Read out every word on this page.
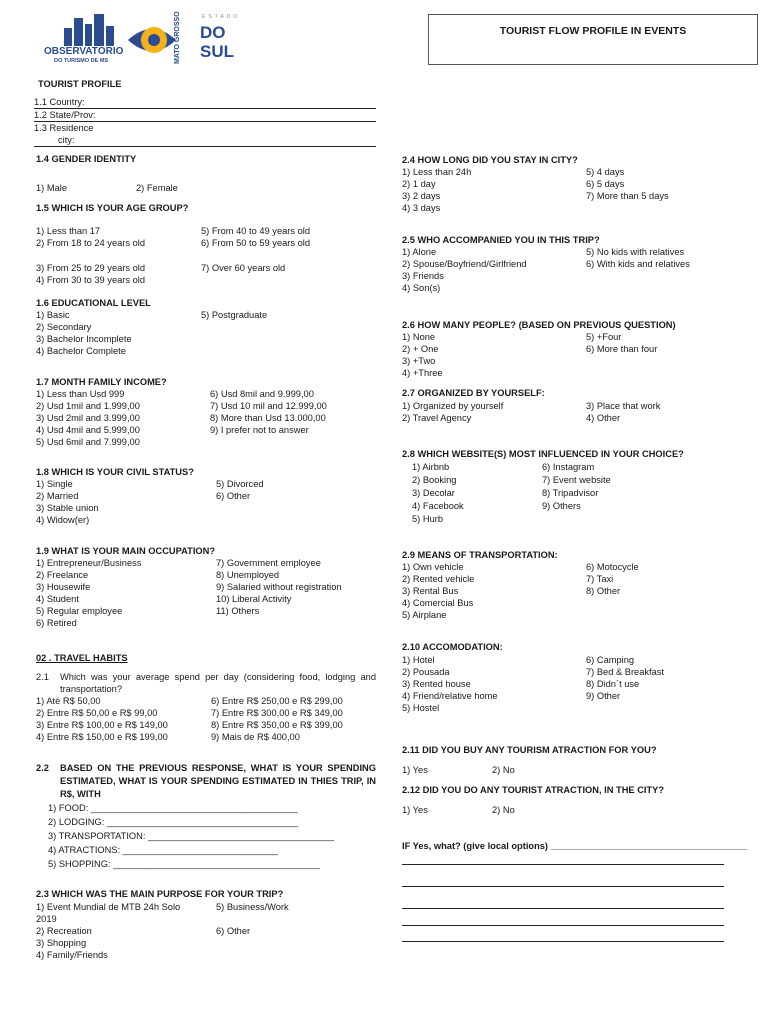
OBSERVATÓRIO
DO TURISMO DE MS	MATO GROSSO	ESTADO
DO
SUL
TOURIST FLOW PROFILE IN EVENTS
TOURIST PROFILE
1.1 Country:
1.2 State/Prov:
1.3 Residence
city:
1.4 GENDER IDENTITY
1) Male	2) Female
1.5 WHICH IS YOUR AGE GROUP?
1) Less than 17
2) From 18 to 24 years old
3) From 25 to 29 years old
4) From 30 to 39 years old
5) From 40 to 49 years old
6) From 50 to 59 years old
7) Over 60 years old
1.6 EDUCATIONAL LEVEL
1) Basic
2) Secondary
3) Bachelor Incomplete
4) Bachelor Complete
5) Postgraduate
1.7 MONTH FAMILY INCOME?
1) Less than Usd 999
2) Usd 1mil and 1.999,00
3) Usd 2mil and 3.999,00
4) Usd 4mil and 5.999,00
5) Usd 6mil and 7.999,00
6) Usd 8mil and 9.999,00
7) Usd 10 mil and 12.999,00
8) More than Usd 13.000,00
9) I prefer not to answer
1.8 WHICH IS YOUR CIVIL STATUS?
1) Single
2) Married
3) Stable union
4) Widow(er)
5) Divorced
6) Other
1.9 WHAT IS YOUR MAIN OCCUPATION?
1) Entrepreneur/Business
2) Freelance
3) Housewife
4) Student
5) Regular employee
6) Retired
7) Government employee
8) Unemployed
9) Salaried without registration
10) Liberal Activity
11) Others
02 . TRAVEL HABITS
2.1 Which was your average spend per day (considering food, lodging and transportation?
1) Até R$ 50,00
2) Entre R$ 50,00 e R$ 99,00
3) Entre R$ 100,00 e R$ 149,00
4) Entre R$ 150,00 e R$ 199,00
6) Entre R$ 250,00 e R$ 299,00
7) Entre R$ 300,00 e R$ 349,00
8) Entre R$ 350,00 e R$ 399,00
9) Mais de R$ 400,00
2.2 BASED ON THE PREVIOUS RESPONSE, WHAT IS YOUR SPENDING ESTIMATED, WHAT IS YOUR SPENDING ESTIMATED IN THIES TRIP, IN R$, WITH
1) FOOD: ________________________________________
2) LODGING: _____________________________________
3) TRANSPORTATION: ____________________________________
4) ATRACTIONS: ______________________________
5) SHOPPING: ________________________________________
2.3 WHICH WAS THE MAIN PURPOSE FOR YOUR TRIP?
1) Event Mundial de MTB 24h Solo
2019
2) Recreation
3) Shopping
4) Family/Friends
5) Business/Work
6) Other
2.4 HOW LONG DID YOU STAY IN CITY?
1) Less than 24h
2) 1 day
3) 2 days
4) 3 days
5) 4 days
6) 5 days
7) More than 5 days
2.5 WHO ACCOMPANIED YOU IN THIS TRIP?
1) Alone
2) Spouse/Boyfriend/Girlfriend
3) Friends
4) Son(s)
5) No kids with relatives
6) With kids and relatives
2.6 HOW MANY PEOPLE? (BASED ON PREVIOUS QUESTION)
1) None
2) + One
3) +Two
4) +Three
5) +Four
6) More than four
2.7 ORGANIZED BY YOURSELF:
1) Organized by yourself
2) Travel Agency
3) Place that work
4) Other
2.8 WHICH WEBSITE(S) MOST INFLUENCED IN YOUR CHOICE?
1) Airbnb
2) Booking
3) Decolar
4) Facebook
5) Hurb
6) Instagram
7) Event website
8) Tripadvisor
9) Others
2.9 MEANS OF TRANSPORTATION:
1) Own vehicle
2) Rented vehicle
3) Rental Bus
4) Comercial Bus
5) Airplane
6) Motocycle
7) Taxi
8) Other
2.10 ACCOMODATION:
1) Hotel
2) Pousada
3) Rented house
4) Friend/relative home
5) Hostel
6) Camping
7) Bed & Breakfast
8) Didn´t use
9) Other
2.11 DID YOU BUY ANY TOURISM ATRACTION FOR YOU?
1) Yes	2) No
2.12 DID YOU DO ANY TOURIST ATRACTION, IN THE CITY?
1) Yes	2) No
IF Yes, what? (give local options) ______________________________________
